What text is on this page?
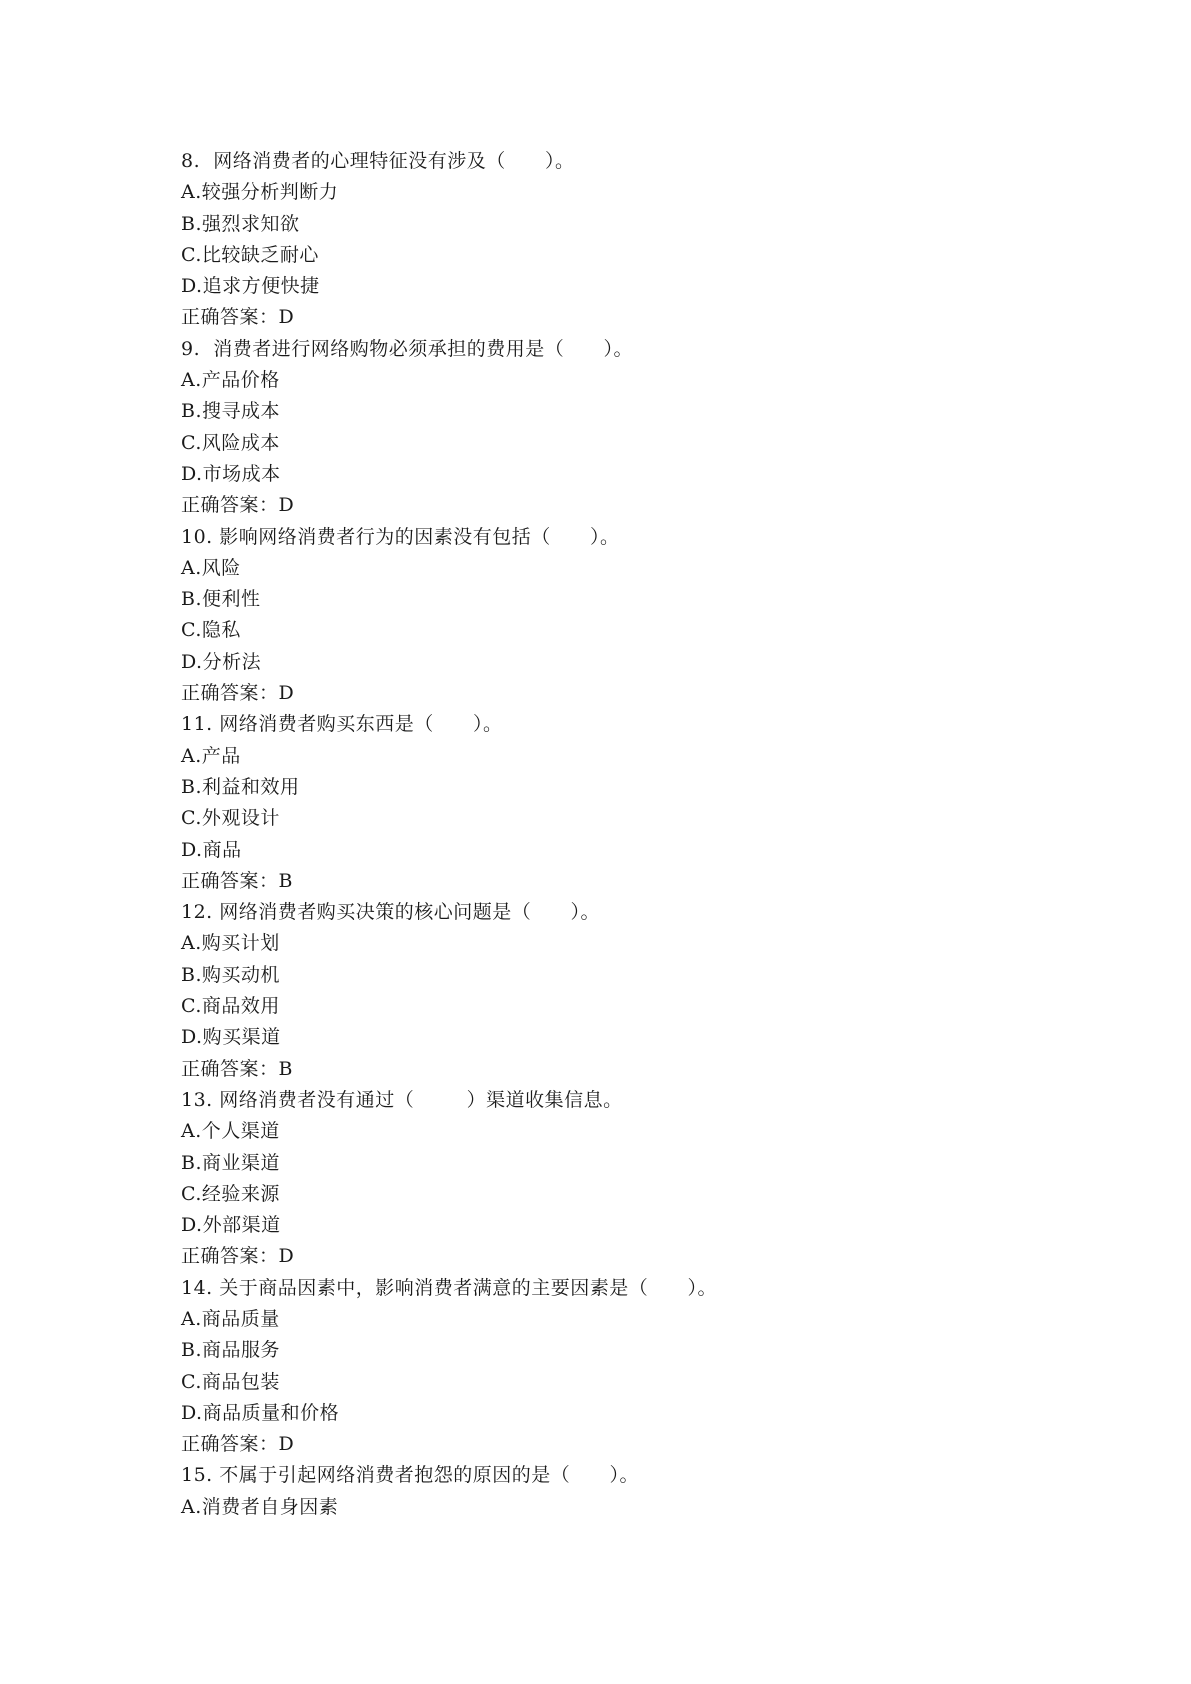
8.  网络消费者的心理特征没有涉及（      ）。
A.较强分析判断力
B.强烈求知欲
C.比较缺乏耐心
D.追求方便快捷
正确答案：D
9.  消费者进行网络购物必须承担的费用是（      ）。
A.产品价格
B.搜寻成本
C.风险成本
D.市场成本
正确答案：D
10. 影响网络消费者行为的因素没有包括（      ）。
A.风险
B.便利性
C.隐私
D.分析法
正确答案：D
11. 网络消费者购买东西是（      ）。
A.产品
B.利益和效用
C.外观设计
D.商品
正确答案：B
12. 网络消费者购买决策的核心问题是（      ）。
A.购买计划
B.购买动机
C.商品效用
D.购买渠道
正确答案：B
13. 网络消费者没有通过（        ）渠道收集信息。
A.个人渠道
B.商业渠道
C.经验来源
D.外部渠道
正确答案：D
14. 关于商品因素中，影响消费者满意的主要因素是（      ）。
A.商品质量
B.商品服务
C.商品包装
D.商品质量和价格
正确答案：D
15. 不属于引起网络消费者抱怨的原因的是（      ）。
A.消费者自身因素
